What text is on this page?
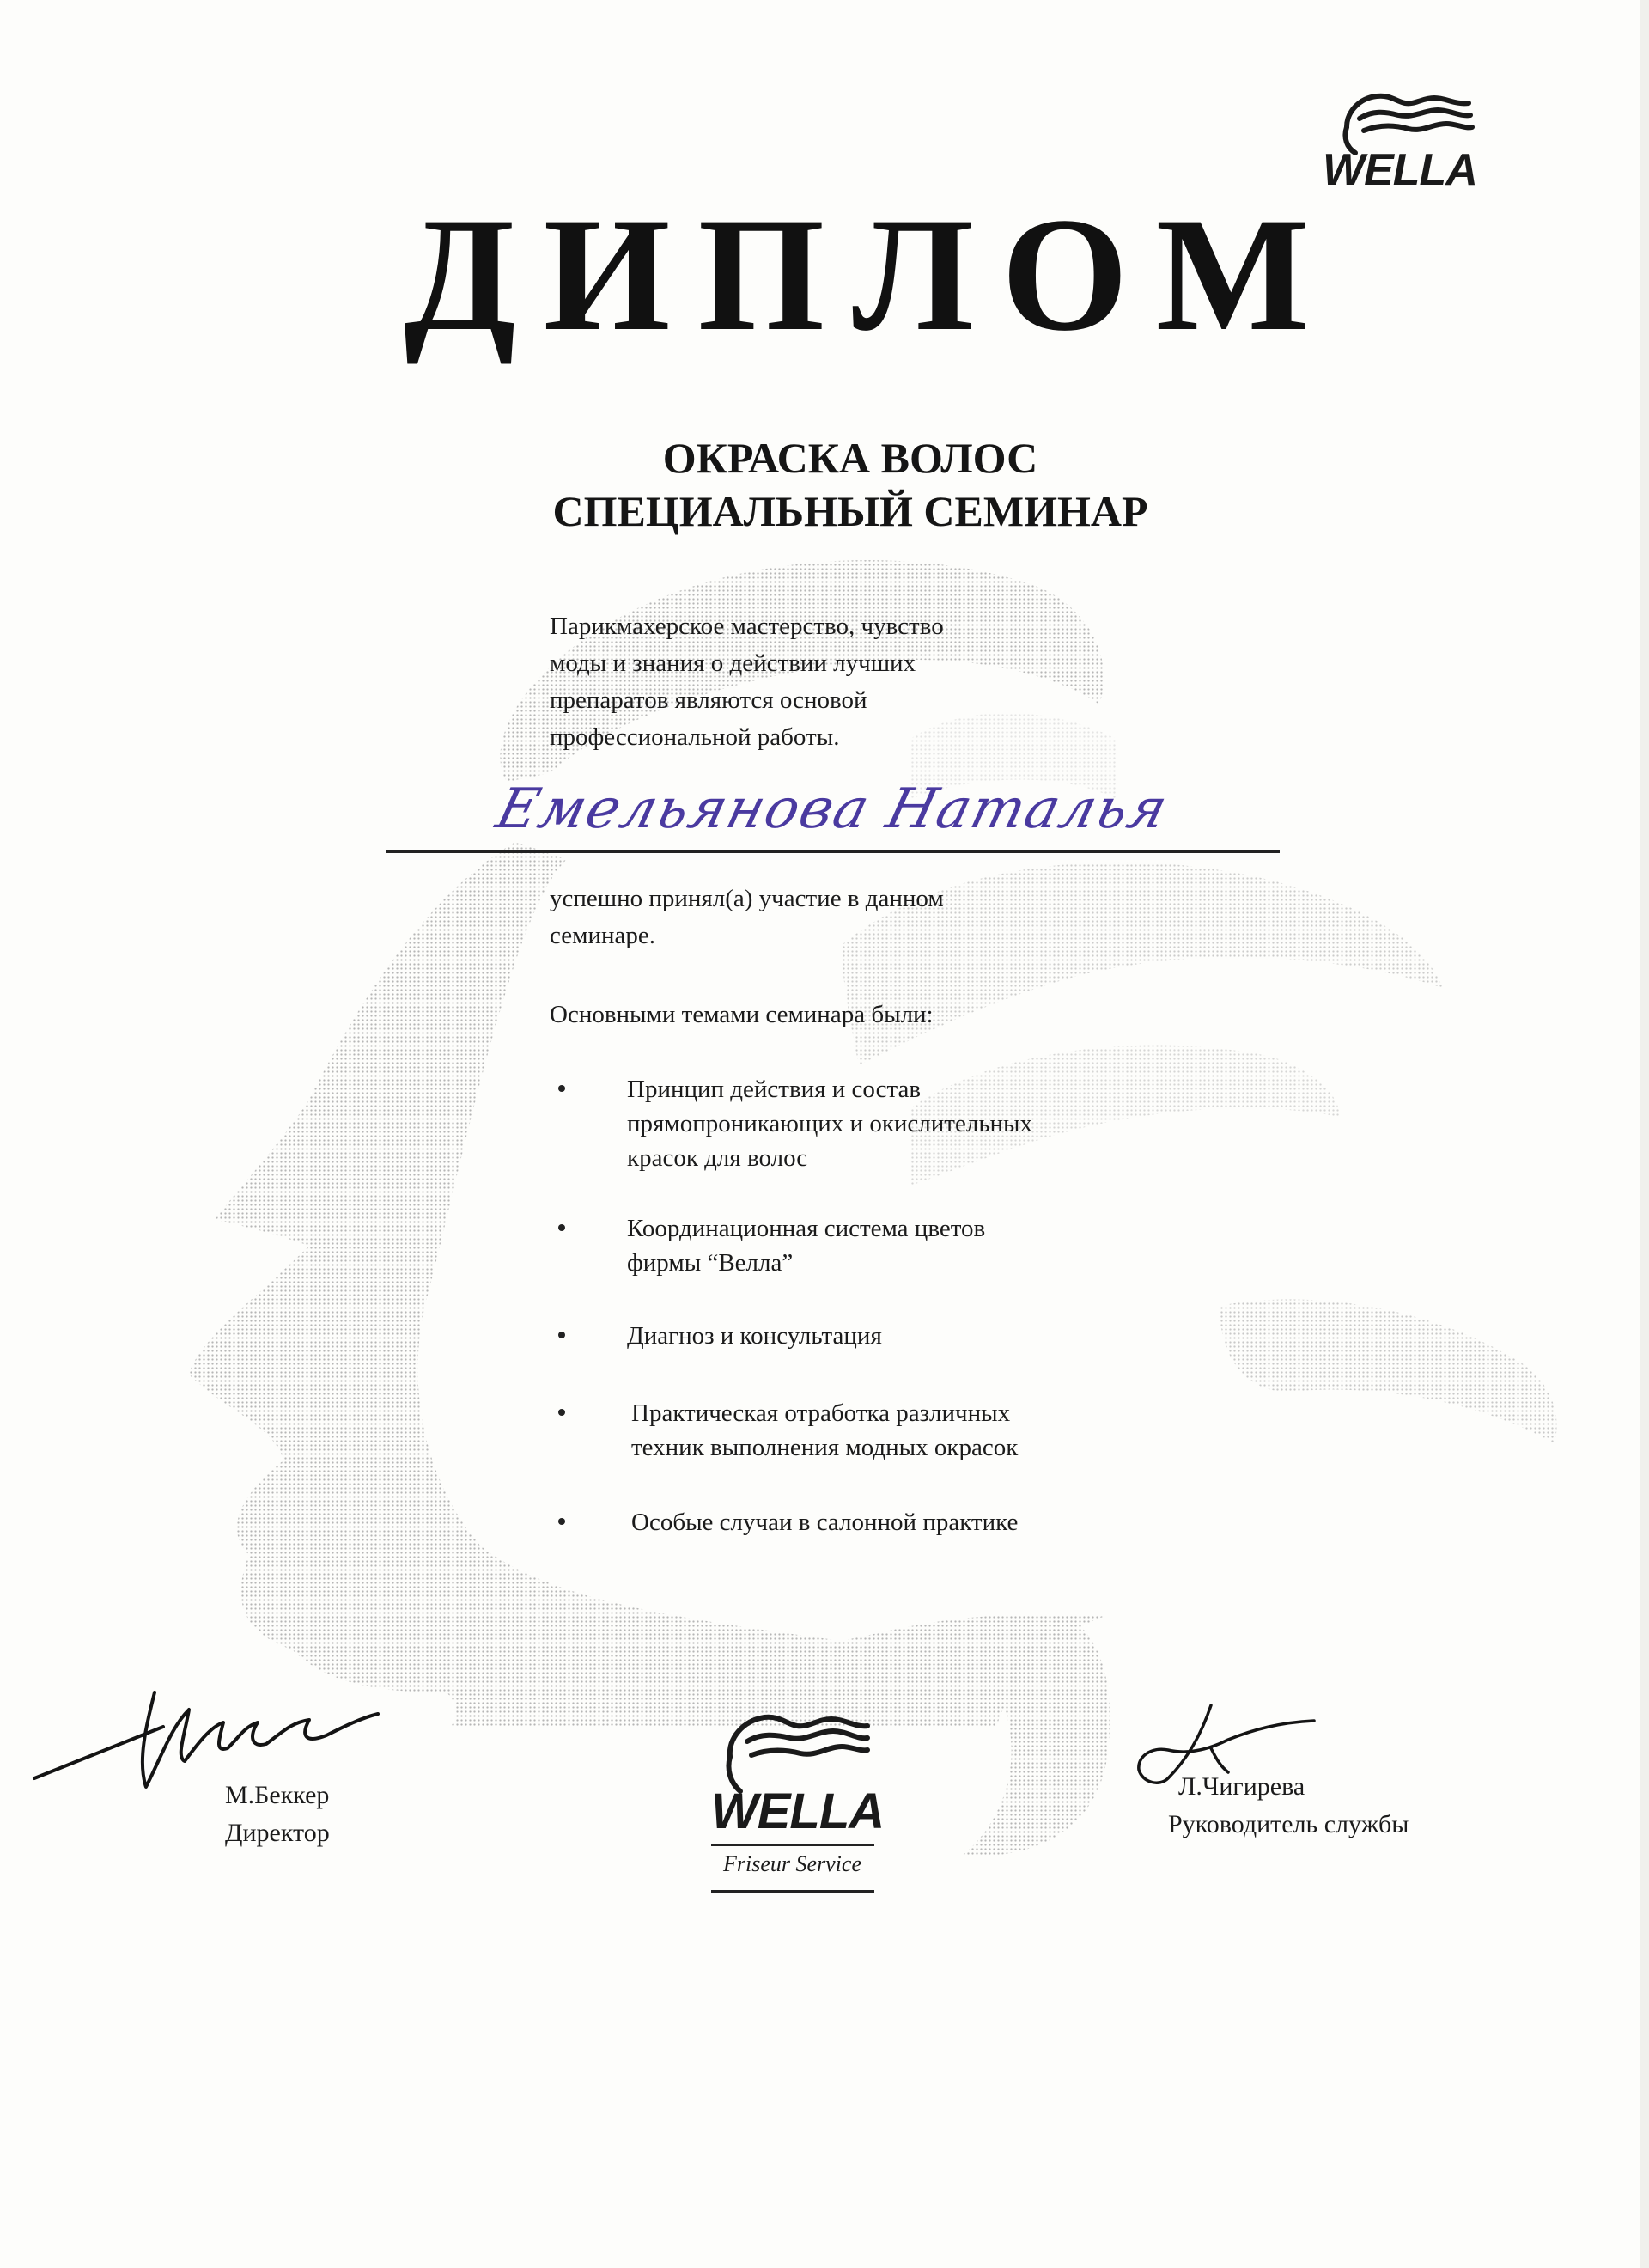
WELLA
ДИПЛОМ
ОКРАСКА ВОЛОС
СПЕЦИАЛЬНЫЙ СЕМИНАР
Парикмахерское мастерство, чувство
моды и знания о действии лучших
препаратов являются основой
профессиональной работы.
Емельянова Наталья
успешно принял(а) участие в данном
семинаре.
Основными темами семинара были:
Принцип действия и состав
прямопроникающих и окислительных
красок для волос
Координационная система цветов
фирмы “Велла”
Диагноз и консультация
Практическая отработка различных
техник выполнения модных окрасок
Особые случаи в салонной практике
М.Беккер
Директор	WELLA
Friseur Service
Л.Чигирева
Руководитель службы
